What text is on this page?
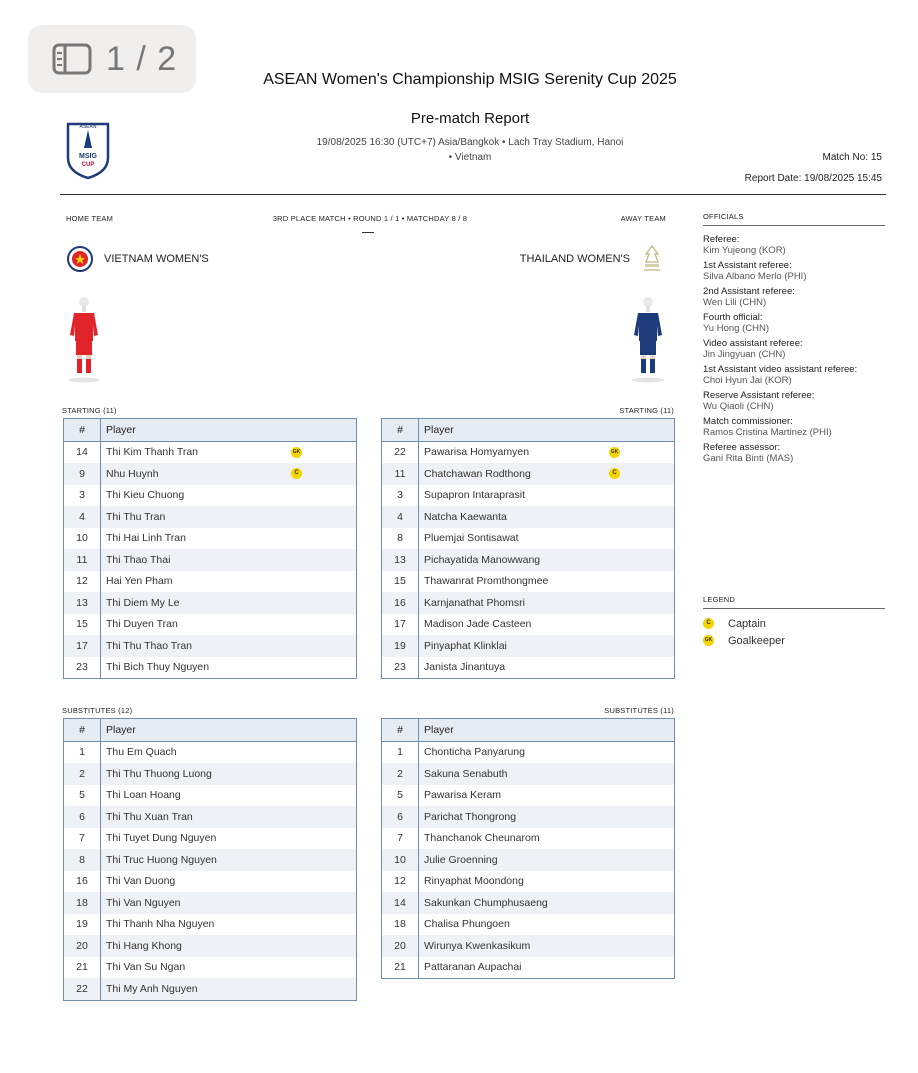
1 / 2
ASEAN
MSIG
CUP
ASEAN Women's Championship MSIG Serenity Cup 2025
Pre-match Report
19/08/2025 16:30 (UTC+7) Asia/Bangkok • Lach Tray Stadium, Hanoi
• Vietnam	Match No: 15
Report Date: 19/08/2025 15:45
HOME TEAM	3RD PLACE MATCH • ROUND 1 / 1 • MATCHDAY 8 / 8	AWAY TEAM
VIETNAM WOMEN'S	THAILAND WOMEN'S
STARTING (11)	STARTING (11)
#	Player
14	Thi Kim Thanh Tran GK

9	Nhu Huynh C

3	Thi Kieu Chuong
4	Thi Thu Tran
10	Thi Hai Linh Tran
11	Thi Thao Thai
12	Hai Yen Pham
13	Thi Diem My Le
15	Thi Duyen Tran
17	Thi Thu Thao Tran
23	Thi Bich Thuy Nguyen
#	Player
22	Pawarisa Homyamyen GK

11	Chatchawan Rodthong C

3	Supapron Intaraprasit
4	Natcha Kaewanta
8	Pluemjai Sontisawat
13	Pichayatida Manowwang
15	Thawanrat Promthongmee
16	Karnjanathat Phomsri
17	Madison Jade Casteen
19	Pinyaphat Klinklai
23	Janista Jinantuya
SUBSTITUTES (12)	SUBSTITUTES (11)
#	Player
1	Thu Em Quach
2	Thi Thu Thuong Luong
5	Thi Loan Hoang
6	Thi Thu Xuan Tran
7	Thi Tuyet Dung Nguyen
8	Thi Truc Huong Nguyen
16	Thi Van Duong
18	Thi Van Nguyen
19	Thi Thanh Nha Nguyen
20	Thi Hang Khong
21	Thi Van Su Ngan
22	Thi My Anh Nguyen
#	Player
1	Chonticha Panyarung
2	Sakuna Senabuth
5	Pawarisa Keram
6	Parichat Thongrong
7	Thanchanok Cheunarom
10	Julie Groenning
12	Rinyaphat Moondong
14	Sakunkan Chumphusaeng
18	Chalisa Phungoen
20	Wirunya Kwenkasikum
21	Pattaranan Aupachai
OFFICIALS
Referee:
Kim Yujeong (KOR)
1st Assistant referee:
Silva Albano Merlo (PHI)
2nd Assistant referee:
Wen Lili (CHN)
Fourth official:
Yu Hong (CHN)
Video assistant referee:
Jin Jingyuan (CHN)
1st Assistant video assistant referee:
Choi Hyun Jai (KOR)
Reserve Assistant referee:
Wu Qiaoli (CHN)
Match commissioner:
Ramos Cristina Martinez (PHI)
Referee assessor:
Gani Rita Binti (MAS)
LEGEND
C	Captain
GK Goalkeeper
